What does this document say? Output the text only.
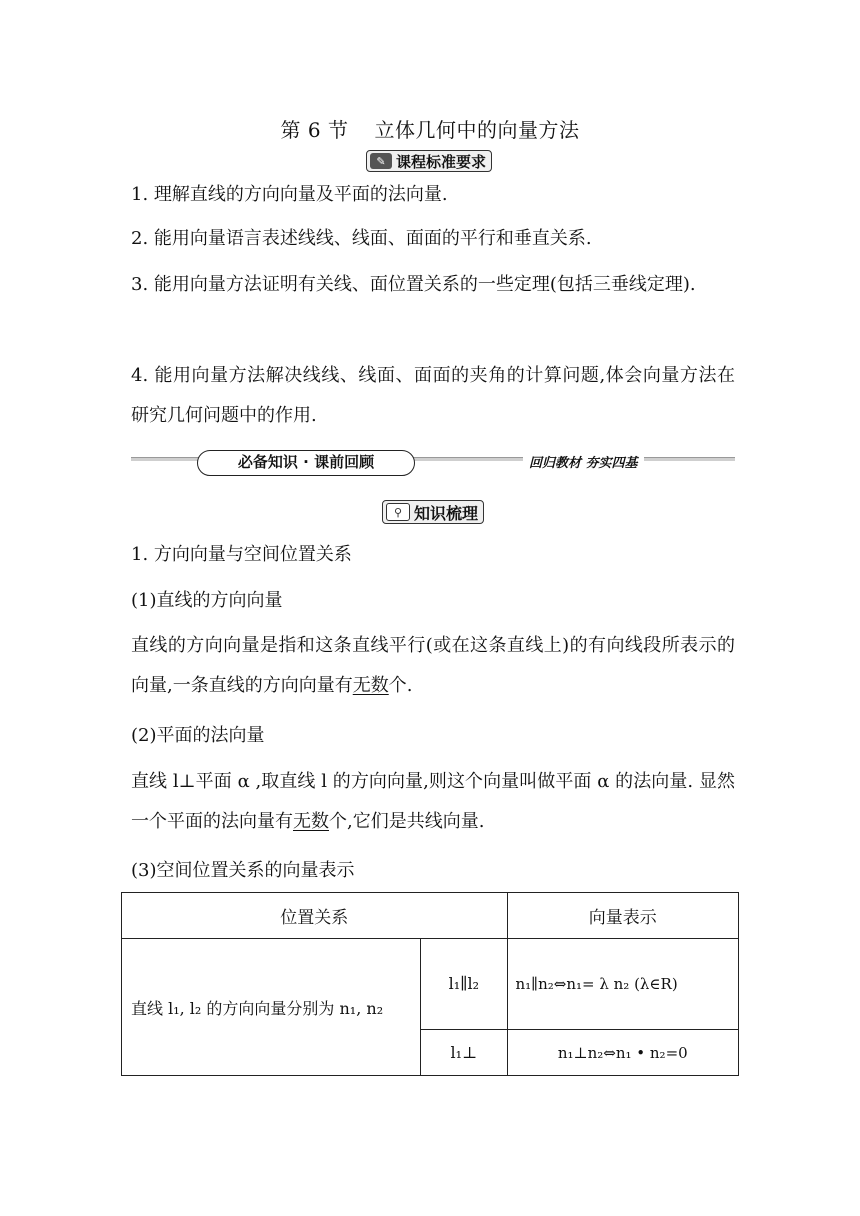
第 6 节 立体几何中的向量方法
✎ 课程标准要求

1. 理解直线的方向向量及平面的法向量.

2. 能用向量语言表述线线、线面、面面的平行和垂直关系.

3. 能用向量方法证明有关线、面位置关系的一些定理(包括三垂线定理).

4. 能用向量方法解决线线、线面、面面的夹角的计算问题,体会向量方法在研究几何问题中的作用.

必备知识 · 课前回顾	回归教材 夯实四基
⚲ 知识梳理

1. 方向向量与空间位置关系

(1)直线的方向向量

直线的方向向量是指和这条直线平行(或在这条直线上)的有向线段所表示的向量,一条直线的方向向量有无数个.

(2)平面的法向量

直线 l⊥平面 α ,取直线 l 的方向向量,则这个向量叫做平面 α 的法向量. 显然一个平面的法向量有无数个,它们是共线向量.

(3)空间位置关系的向量表示

位置关系		向量表示
直线 l₁, l₂ 的方向向量分别为 n₁, n₂	l₁∥l₂	n₁∥n₂⇔n₁= λ n₂ (λ∈R)
	l₁⊥	n₁⊥n₂⇔n₁ • n₂=0
